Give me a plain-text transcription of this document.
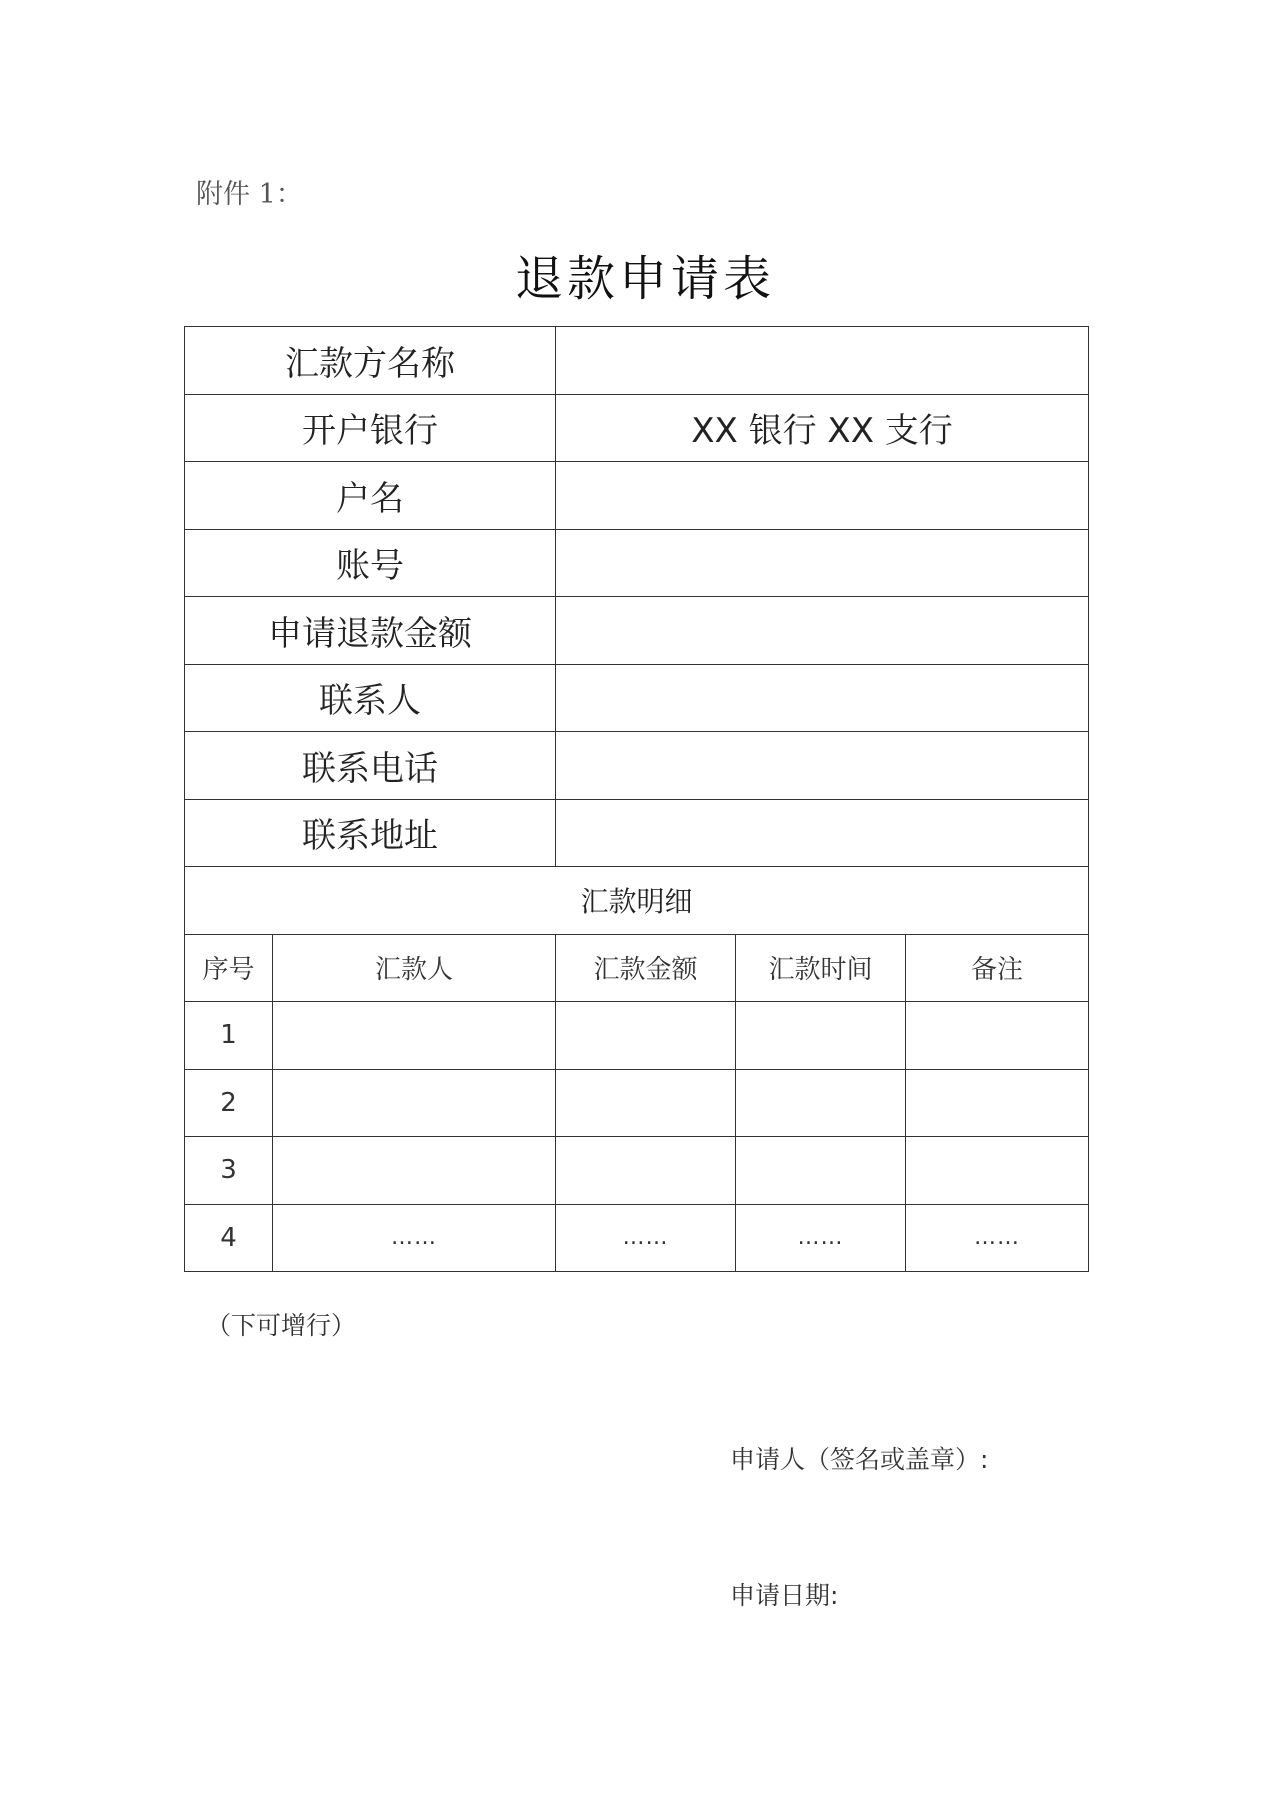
附件 1：
退款申请表
汇款方名称				
开户银行		XX 银行 XX 支行		
户名				
账号				
申请退款金额				
联系人				
联系电话				
联系地址				
汇款明细				
序号	汇款人	汇款金额	汇款时间	备注
1				
2				
3				
4	……	……	……	……
（下可增行）
申请人（签名或盖章）:
申请日期:
